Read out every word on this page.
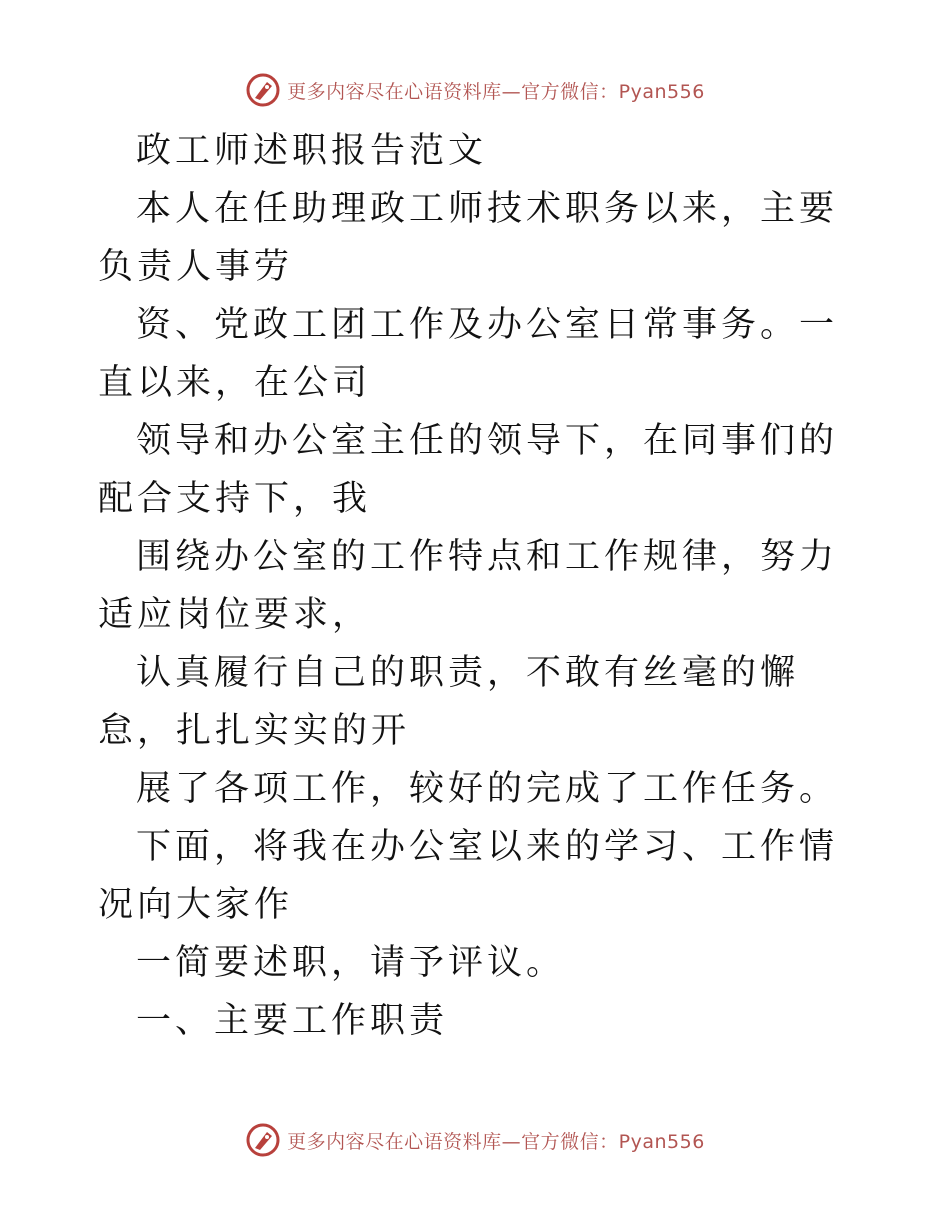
更多内容尽在心语资料库—官方微信：Pyan556

政工师述职报告范文

本人在任助理政工师技术职务以来，主要负责人事劳

资、党政工团工作及办公室日常事务。一直以来，在公司

领导和办公室主任的领导下，在同事们的配合支持下，我

围绕办公室的工作特点和工作规律，努力适应岗位要求，

认真履行自己的职责，不敢有丝毫的懈怠，扎扎实实的开

展了各项工作，较好的完成了工作任务。

下面，将我在办公室以来的学习、工作情况向大家作

一简要述职，请予评议。

一、主要工作职责

更多内容尽在心语资料库—官方微信：Pyan556
